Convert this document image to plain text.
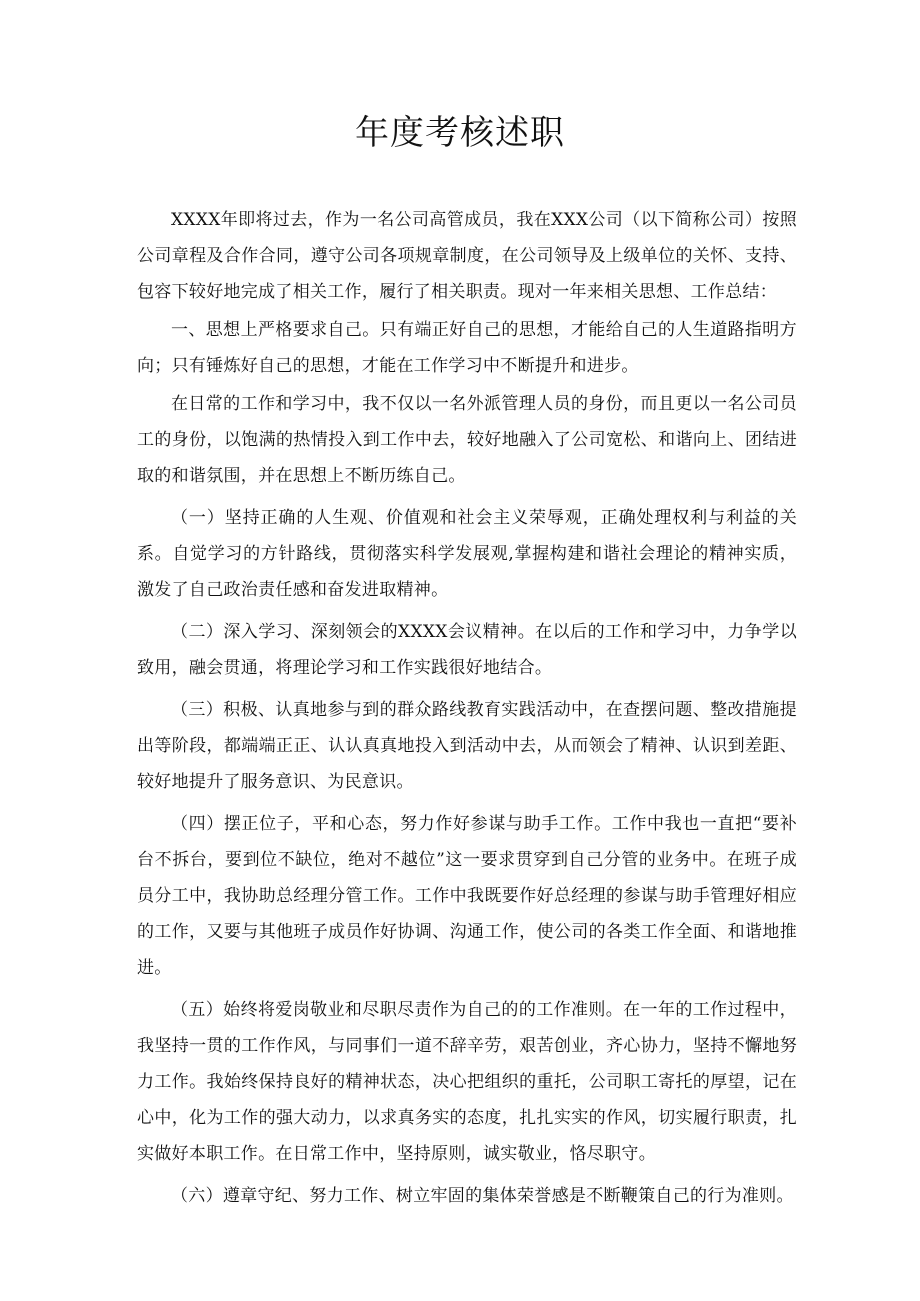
年度考核述职

XXXX年即将过去，作为一名公司高管成员，我在XXX公司（以下简称公司）按照公司章程及合作合同，遵守公司各项规章制度，在公司领导及上级单位的关怀、支持、包容下较好地完成了相关工作，履行了相关职责。现对一年来相关思想、工作总结：

一、思想上严格要求自己。只有端正好自己的思想，才能给自己的人生道路指明方向；只有锤炼好自己的思想，才能在工作学习中不断提升和进步。

在日常的工作和学习中，我不仅以一名外派管理人员的身份，而且更以一名公司员工的身份，以饱满的热情投入到工作中去，较好地融入了公司宽松、和谐向上、团结进取的和谐氛围，并在思想上不断历练自己。

（一）坚持正确的人生观、价值观和社会主义荣辱观，正确处理权利与利益的关系。自觉学习的方针路线，贯彻落实科学发展观,掌握构建和谐社会理论的精神实质，激发了自己政治责任感和奋发进取精神。

（二）深入学习、深刻领会的XXXX会议精神。在以后的工作和学习中，力争学以致用，融会贯通，将理论学习和工作实践很好地结合。

（三）积极、认真地参与到的群众路线教育实践活动中，在查摆问题、整改措施提出等阶段，都端端正正、认认真真地投入到活动中去，从而领会了精神、认识到差距、较好地提升了服务意识、为民意识。

（四）摆正位子，平和心态，努力作好参谋与助手工作。工作中我也一直把“要补台不拆台，要到位不缺位，绝对不越位”这一要求贯穿到自己分管的业务中。在班子成员分工中，我协助总经理分管工作。工作中我既要作好总经理的参谋与助手管理好相应的工作，又要与其他班子成员作好协调、沟通工作，使公司的各类工作全面、和谐地推进。

（五）始终将爱岗敬业和尽职尽责作为自己的的工作准则。在一年的工作过程中，我坚持一贯的工作作风，与同事们一道不辞辛劳，艰苦创业，齐心协力，坚持不懈地努力工作。我始终保持良好的精神状态，决心把组织的重托，公司职工寄托的厚望，记在心中，化为工作的强大动力，以求真务实的态度，扎扎实实的作风，切实履行职责，扎实做好本职工作。在日常工作中，坚持原则，诚实敬业，恪尽职守。

（六）遵章守纪、努力工作、树立牢固的集体荣誉感是不断鞭策自己的行为准则。
